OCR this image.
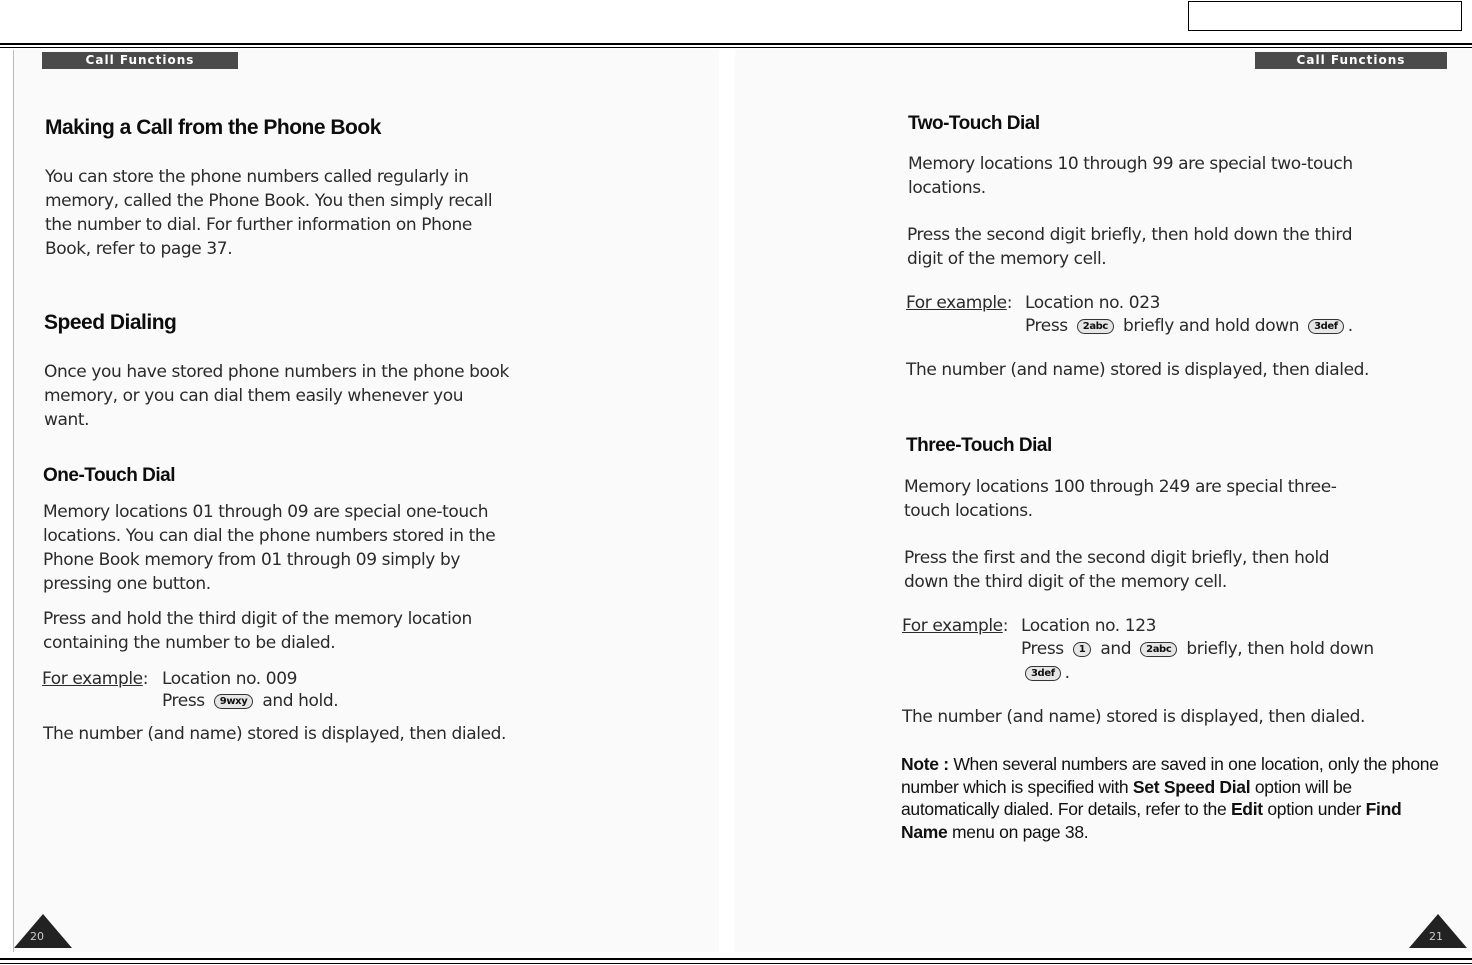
Call Functions
Making a Call from the Phone Book

You can store the phone numbers called regularly in

memory, called the Phone Book. You then simply recall

the number to dial. For further information on Phone

Book, refer to page 37.

Speed Dialing

Once you have stored phone numbers in the phone book

memory, or you can dial them easily whenever you

want.

One-Touch Dial

Memory locations 01 through 09 are special one-touch

locations. You can dial the phone numbers stored in the

Phone Book memory from 01 through 09 simply by

pressing one button.

Press and hold the third digit of the memory location

containing the number to be dialed.

For example: Location no. 009

Press 9wxy and hold.

The number (and name) stored is displayed, then dialed.

20
Call Functions
Two-Touch Dial

Memory locations 10 through 99 are special two-touch

locations.

Press the second digit briefly, then hold down the third

digit of the memory cell.

For example: Location no. 023

Press 2abc briefly and hold down 3def .

The number (and name) stored is displayed, then dialed.

Three-Touch Dial

Memory locations 100 through 249 are special three-

touch locations.

Press the first and the second digit briefly, then hold

down the third digit of the memory cell.

For example: Location no. 123

Press 1 and 2abc briefly, then hold down

3def .

The number (and name) stored is displayed, then dialed.

Note : When several numbers are saved in one location, only the phone number which is specified with Set Speed Dial option will be automatically dialed. For details, refer to the Edit option under Find Name menu on page 38.
21
